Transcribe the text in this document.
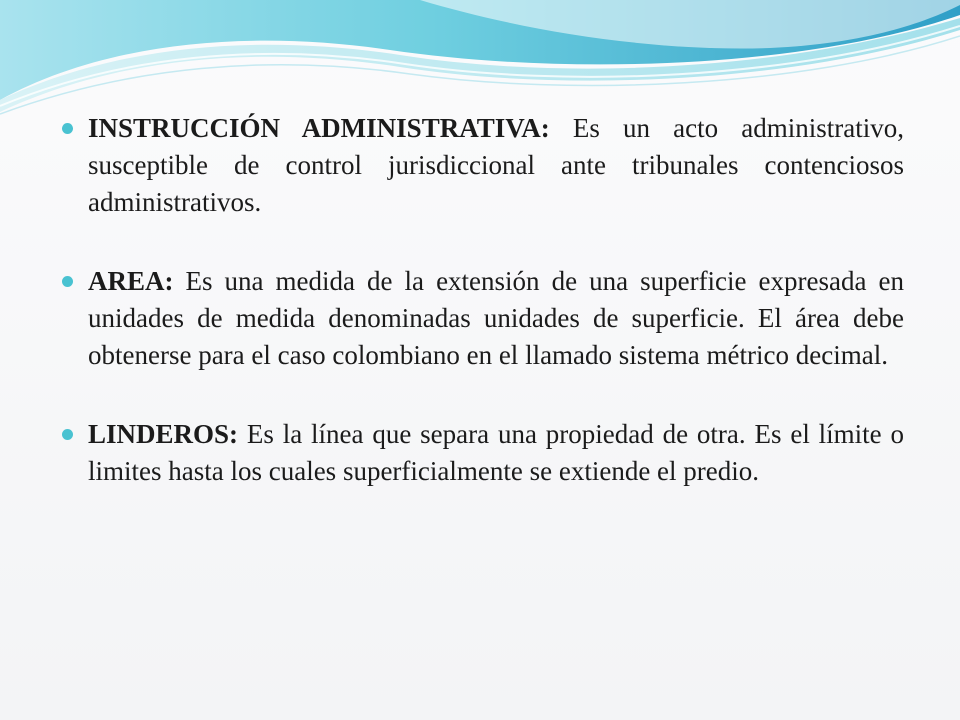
INSTRUCCIÓN ADMINISTRATIVA: Es un acto administrativo, susceptible de control jurisdiccional ante tribunales contenciosos administrativos.

AREA: Es una medida de la extensión de una superficie expresada en unidades de medida denominadas unidades de superficie. El área debe obtenerse para el caso colombiano en el llamado sistema métrico decimal.

LINDEROS: Es la línea que separa una propiedad de otra. Es el límite o limites hasta los cuales superficialmente se extiende el predio.
